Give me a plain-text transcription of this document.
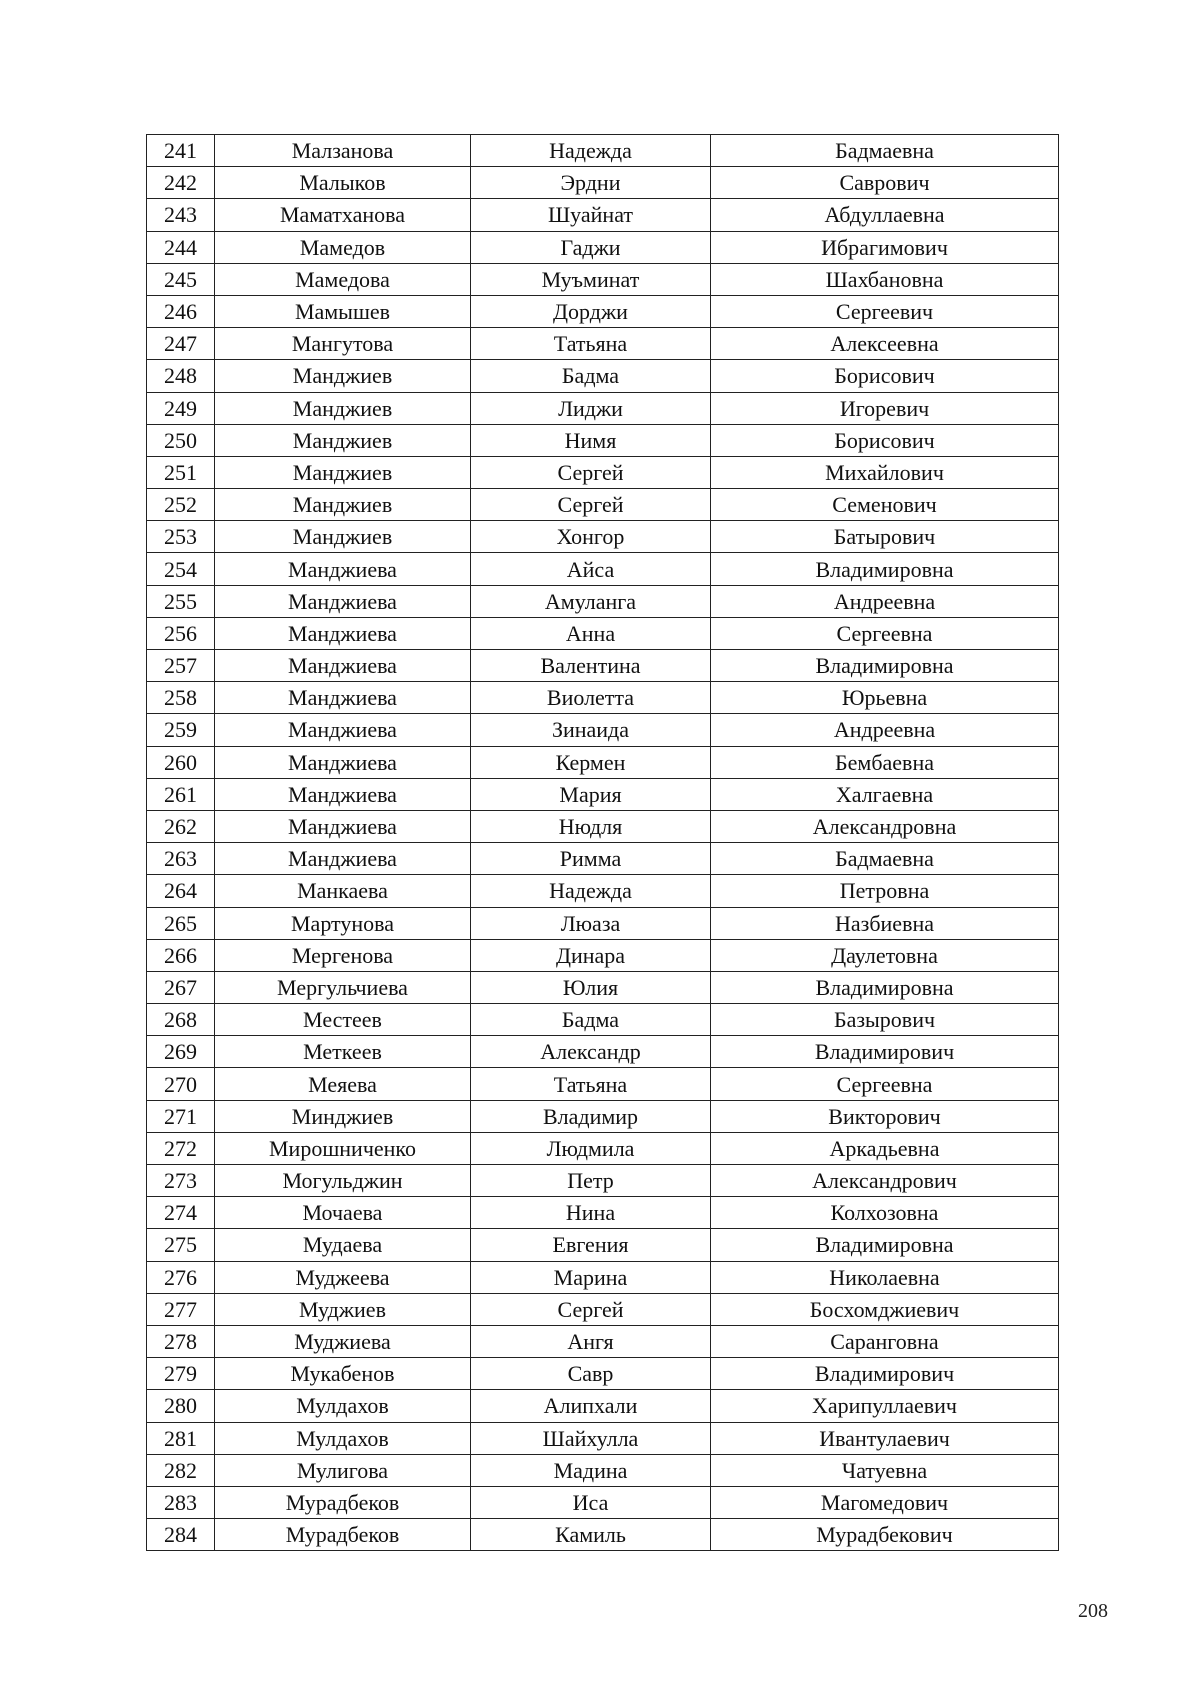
241	Малзанова	Надежда	Бадмаевна
242	Малыков	Эрдни	Саврович
243	Маматханова	Шуайнат	Абдуллаевна
244	Мамедов	Гаджи	Ибрагимович
245	Мамедова	Муъминат	Шахбановна
246	Мамышев	Дорджи	Сергеевич
247	Мангутова	Татьяна	Алексеевна
248	Манджиев	Бадма	Борисович
249	Манджиев	Лиджи	Игоревич
250	Манджиев	Нимя	Борисович
251	Манджиев	Сергей	Михайлович
252	Манджиев	Сергей	Семенович
253	Манджиев	Хонгор	Батырович
254	Манджиева	Айса	Владимировна
255	Манджиева	Амуланга	Андреевна
256	Манджиева	Анна	Сергеевна
257	Манджиева	Валентина	Владимировна
258	Манджиева	Виолетта	Юрьевна
259	Манджиева	Зинаида	Андреевна
260	Манджиева	Кермен	Бембаевна
261	Манджиева	Мария	Халгаевна
262	Манджиева	Нюдля	Александровна
263	Манджиева	Римма	Бадмаевна
264	Манкаева	Надежда	Петровна
265	Мартунова	Люаза	Назбиевна
266	Мергенова	Динара	Даулетовна
267	Мергульчиева	Юлия	Владимировна
268	Местеев	Бадма	Базырович
269	Меткеев	Александр	Владимирович
270	Меяева	Татьяна	Сергеевна
271	Минджиев	Владимир	Викторович
272	Мирошниченко	Людмила	Аркадьевна
273	Могульджин	Петр	Александрович
274	Мочаева	Нина	Колхозовна
275	Мудаева	Евгения	Владимировна
276	Муджеева	Марина	Николаевна
277	Муджиев	Сергей	Босхомджиевич
278	Муджиева	Ангя	Саранговна
279	Мукабенов	Савр	Владимирович
280	Мулдахов	Алипхали	Харипуллаевич
281	Мулдахов	Шайхулла	Ивантулаевич
282	Мулигова	Мадина	Чатуевна
283	Мурадбеков	Иса	Магомедович
284	Мурадбеков	Камиль	Мурадбекович
208
